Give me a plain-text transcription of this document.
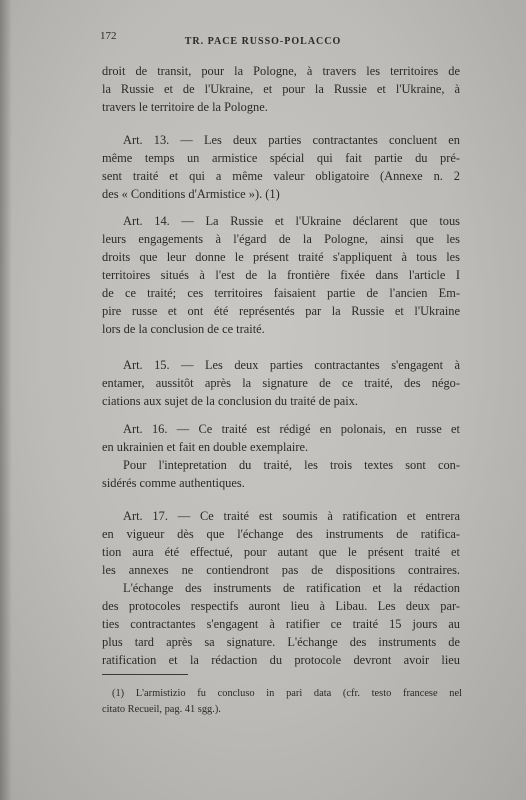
172	TR. PACE RUSSO-POLACCO

droit de transit, pour la Pologne, à travers les territoires de

la Russie et de l'Ukraine, et pour la Russie et l'Ukraine, à

travers le territoire de la Pologne.

Art. 13. — Les deux parties contractantes concluent en

même temps un armistice spécial qui fait partie du pré-

sent traité et qui a même valeur obligatoire (Annexe n. 2

des « Conditions d'Armistice »). (1)

Art. 14. — La Russie et l'Ukraine déclarent que tous

leurs engagements à l'égard de la Pologne, ainsi que les

droits que leur donne le présent traité s'appliquent à tous les

territoires situés à l'est de la frontière fixée dans l'article I

de ce traité; ces territoires faisaient partie de l'ancien Em-

pire russe et ont été représentés par la Russie et l'Ukraine

lors de la conclusion de ce traité.

Art. 15. — Les deux parties contractantes s'engagent à

entamer, aussitôt après la signature de ce traité, des négo-

ciations aux sujet de la conclusion du traité de paix.

Art. 16. — Ce traité est rédigé en polonais, en russe et

en ukrainien et fait en double exemplaire.

Pour l'intepretation du traité, les trois textes sont con-

sidérés comme authentiques.

Art. 17. — Ce traité est soumis à ratification et entrera

en vigueur dès que l'échange des instruments de ratifica-

tion aura été effectué, pour autant que le présent traité et

les annexes ne contiendront pas de dispositions contraires.

L'échange des instruments de ratification et la rédaction

des protocoles respectifs auront lieu à Libau. Les deux par-

ties contractantes s'engagent à ratifier ce traité 15 jours au

plus tard après sa signature. L'échange des instruments de

ratification et la rédaction du protocole devront avoir lieu

(1) L'armistizio fu concluso in pari data (cfr. testo francese nel

citato Recueil, pag. 41 sgg.).
